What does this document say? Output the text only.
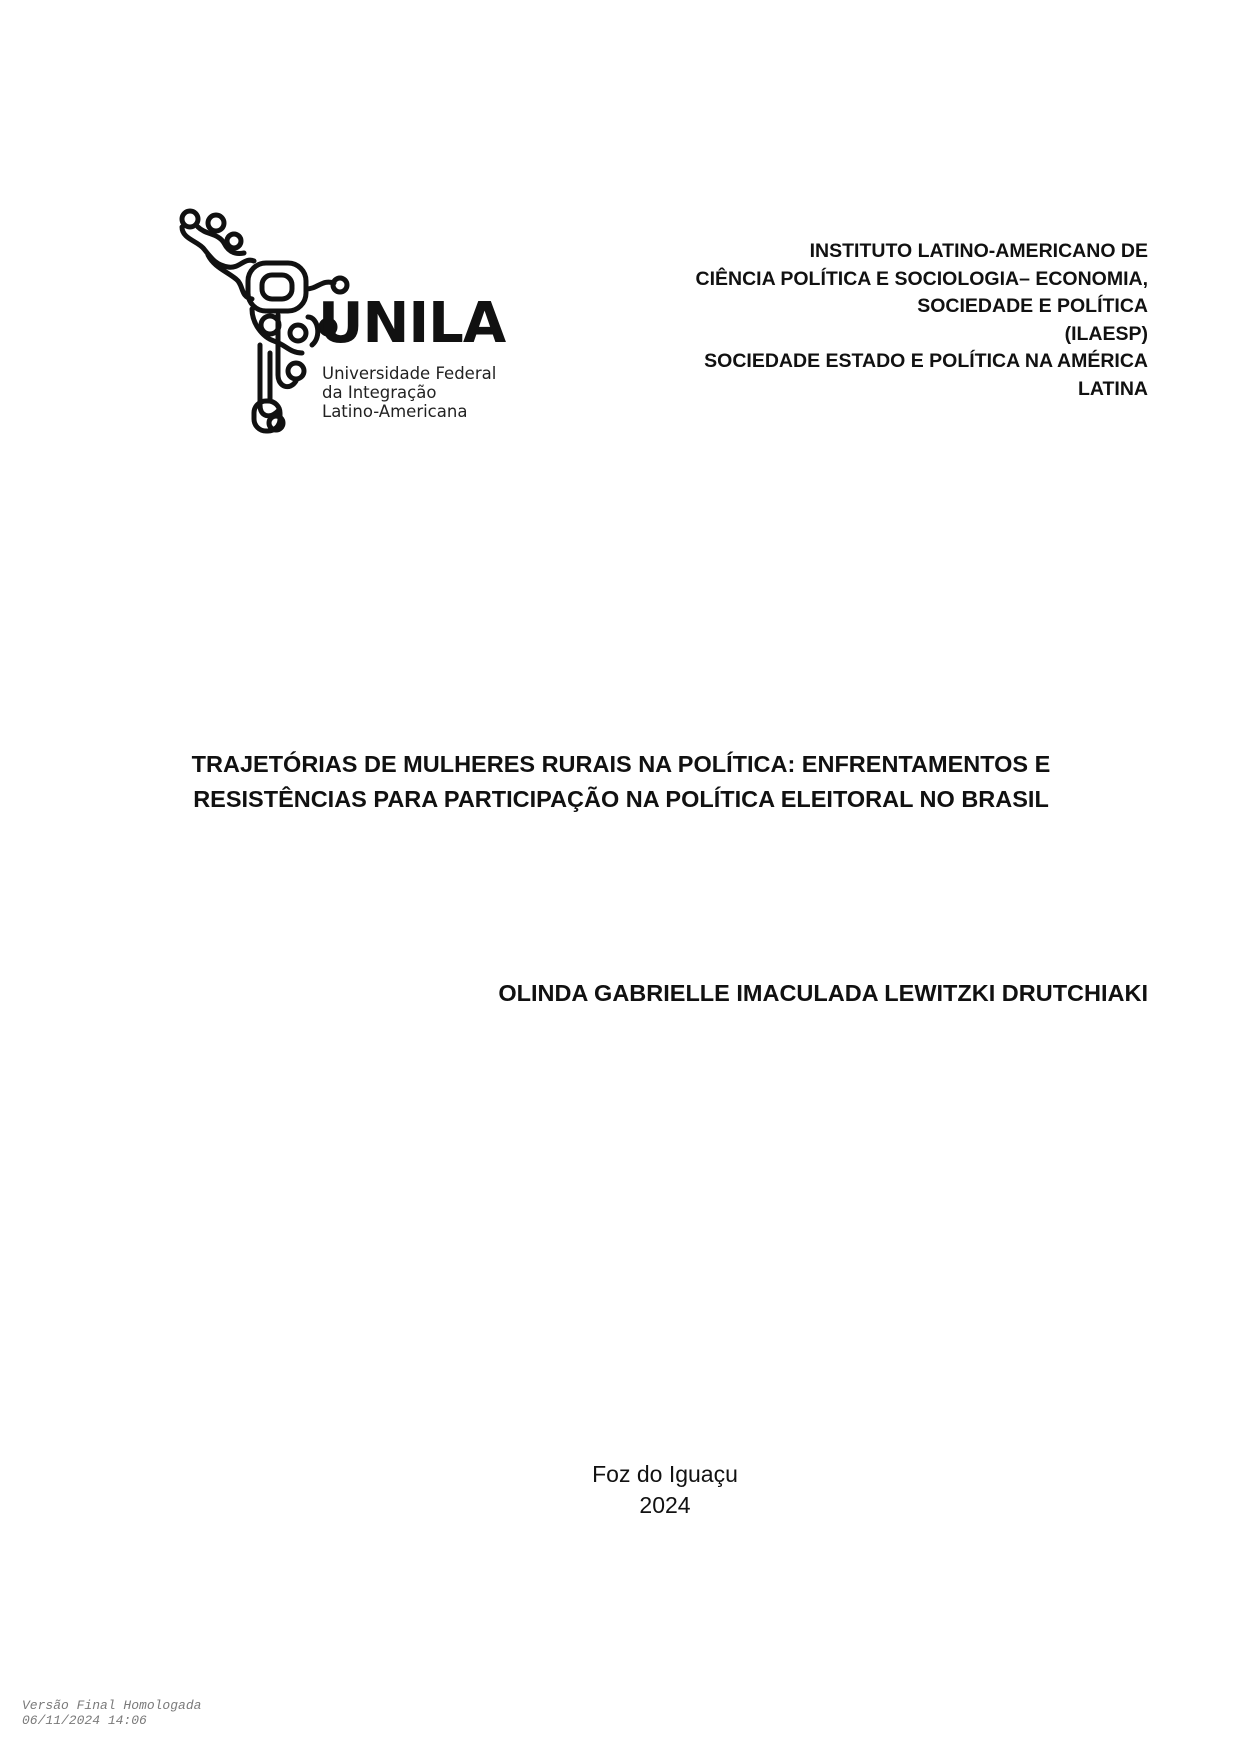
UNILA
Universidade Federal
da Integração
Latino-Americana
INSTITUTO LATINO-AMERICANO DE
CIÊNCIA POLÍTICA E SOCIOLOGIA– ECONOMIA,
SOCIEDADE E POLÍTICA
(ILAESP)
SOCIEDADE ESTADO E POLÍTICA NA AMÉRICA
LATINA
TRAJETÓRIAS DE MULHERES RURAIS NA POLÍTICA: ENFRENTAMENTOS E
RESISTÊNCIAS PARA PARTICIPAÇÃO NA POLÍTICA ELEITORAL NO BRASIL
OLINDA GABRIELLE IMACULADA LEWITZKI DRUTCHIAKI
Foz do Iguaçu
2024
Versão Final Homologada
06/11/2024 14:06
